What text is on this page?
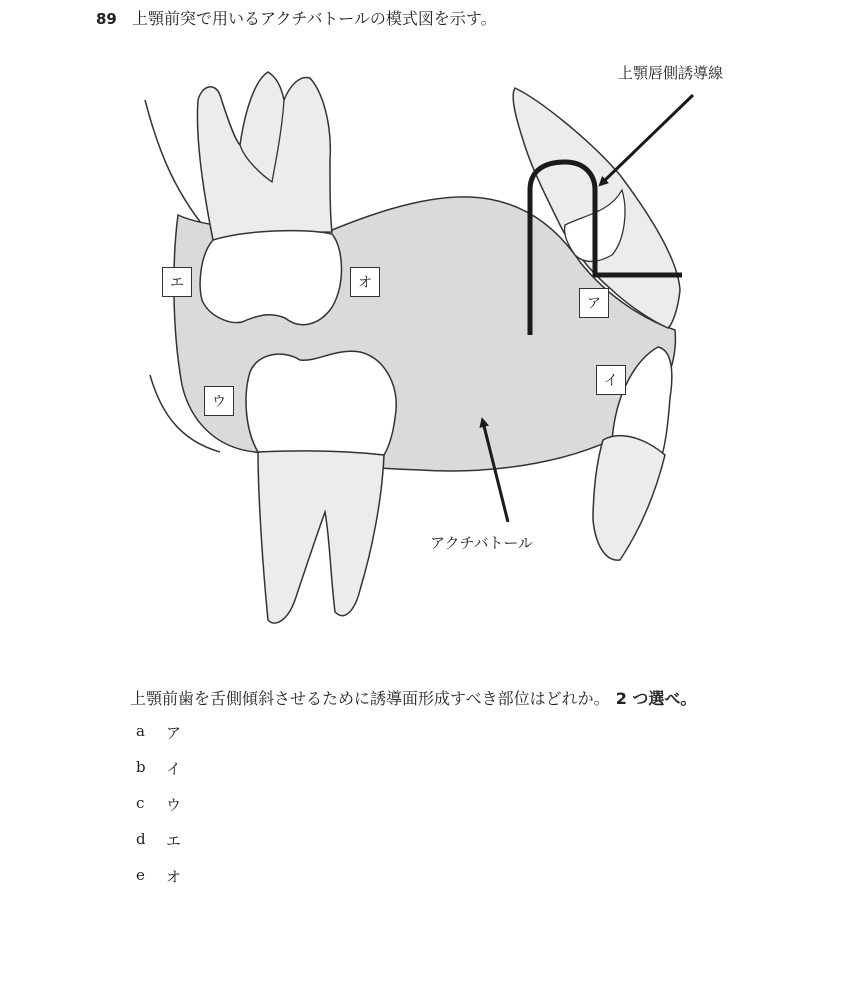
89 上顎前突で用いるアクチバトールの模式図を示す。
エ	オ
ア
イ
ウ
上顎唇側誘導線
アクチバトール
上顎前歯を舌側傾斜させるために誘導面形成すべき部位はどれか。 2 つ選べ。
a	ア
b	イ
c	ウ
d	エ
e	オ
